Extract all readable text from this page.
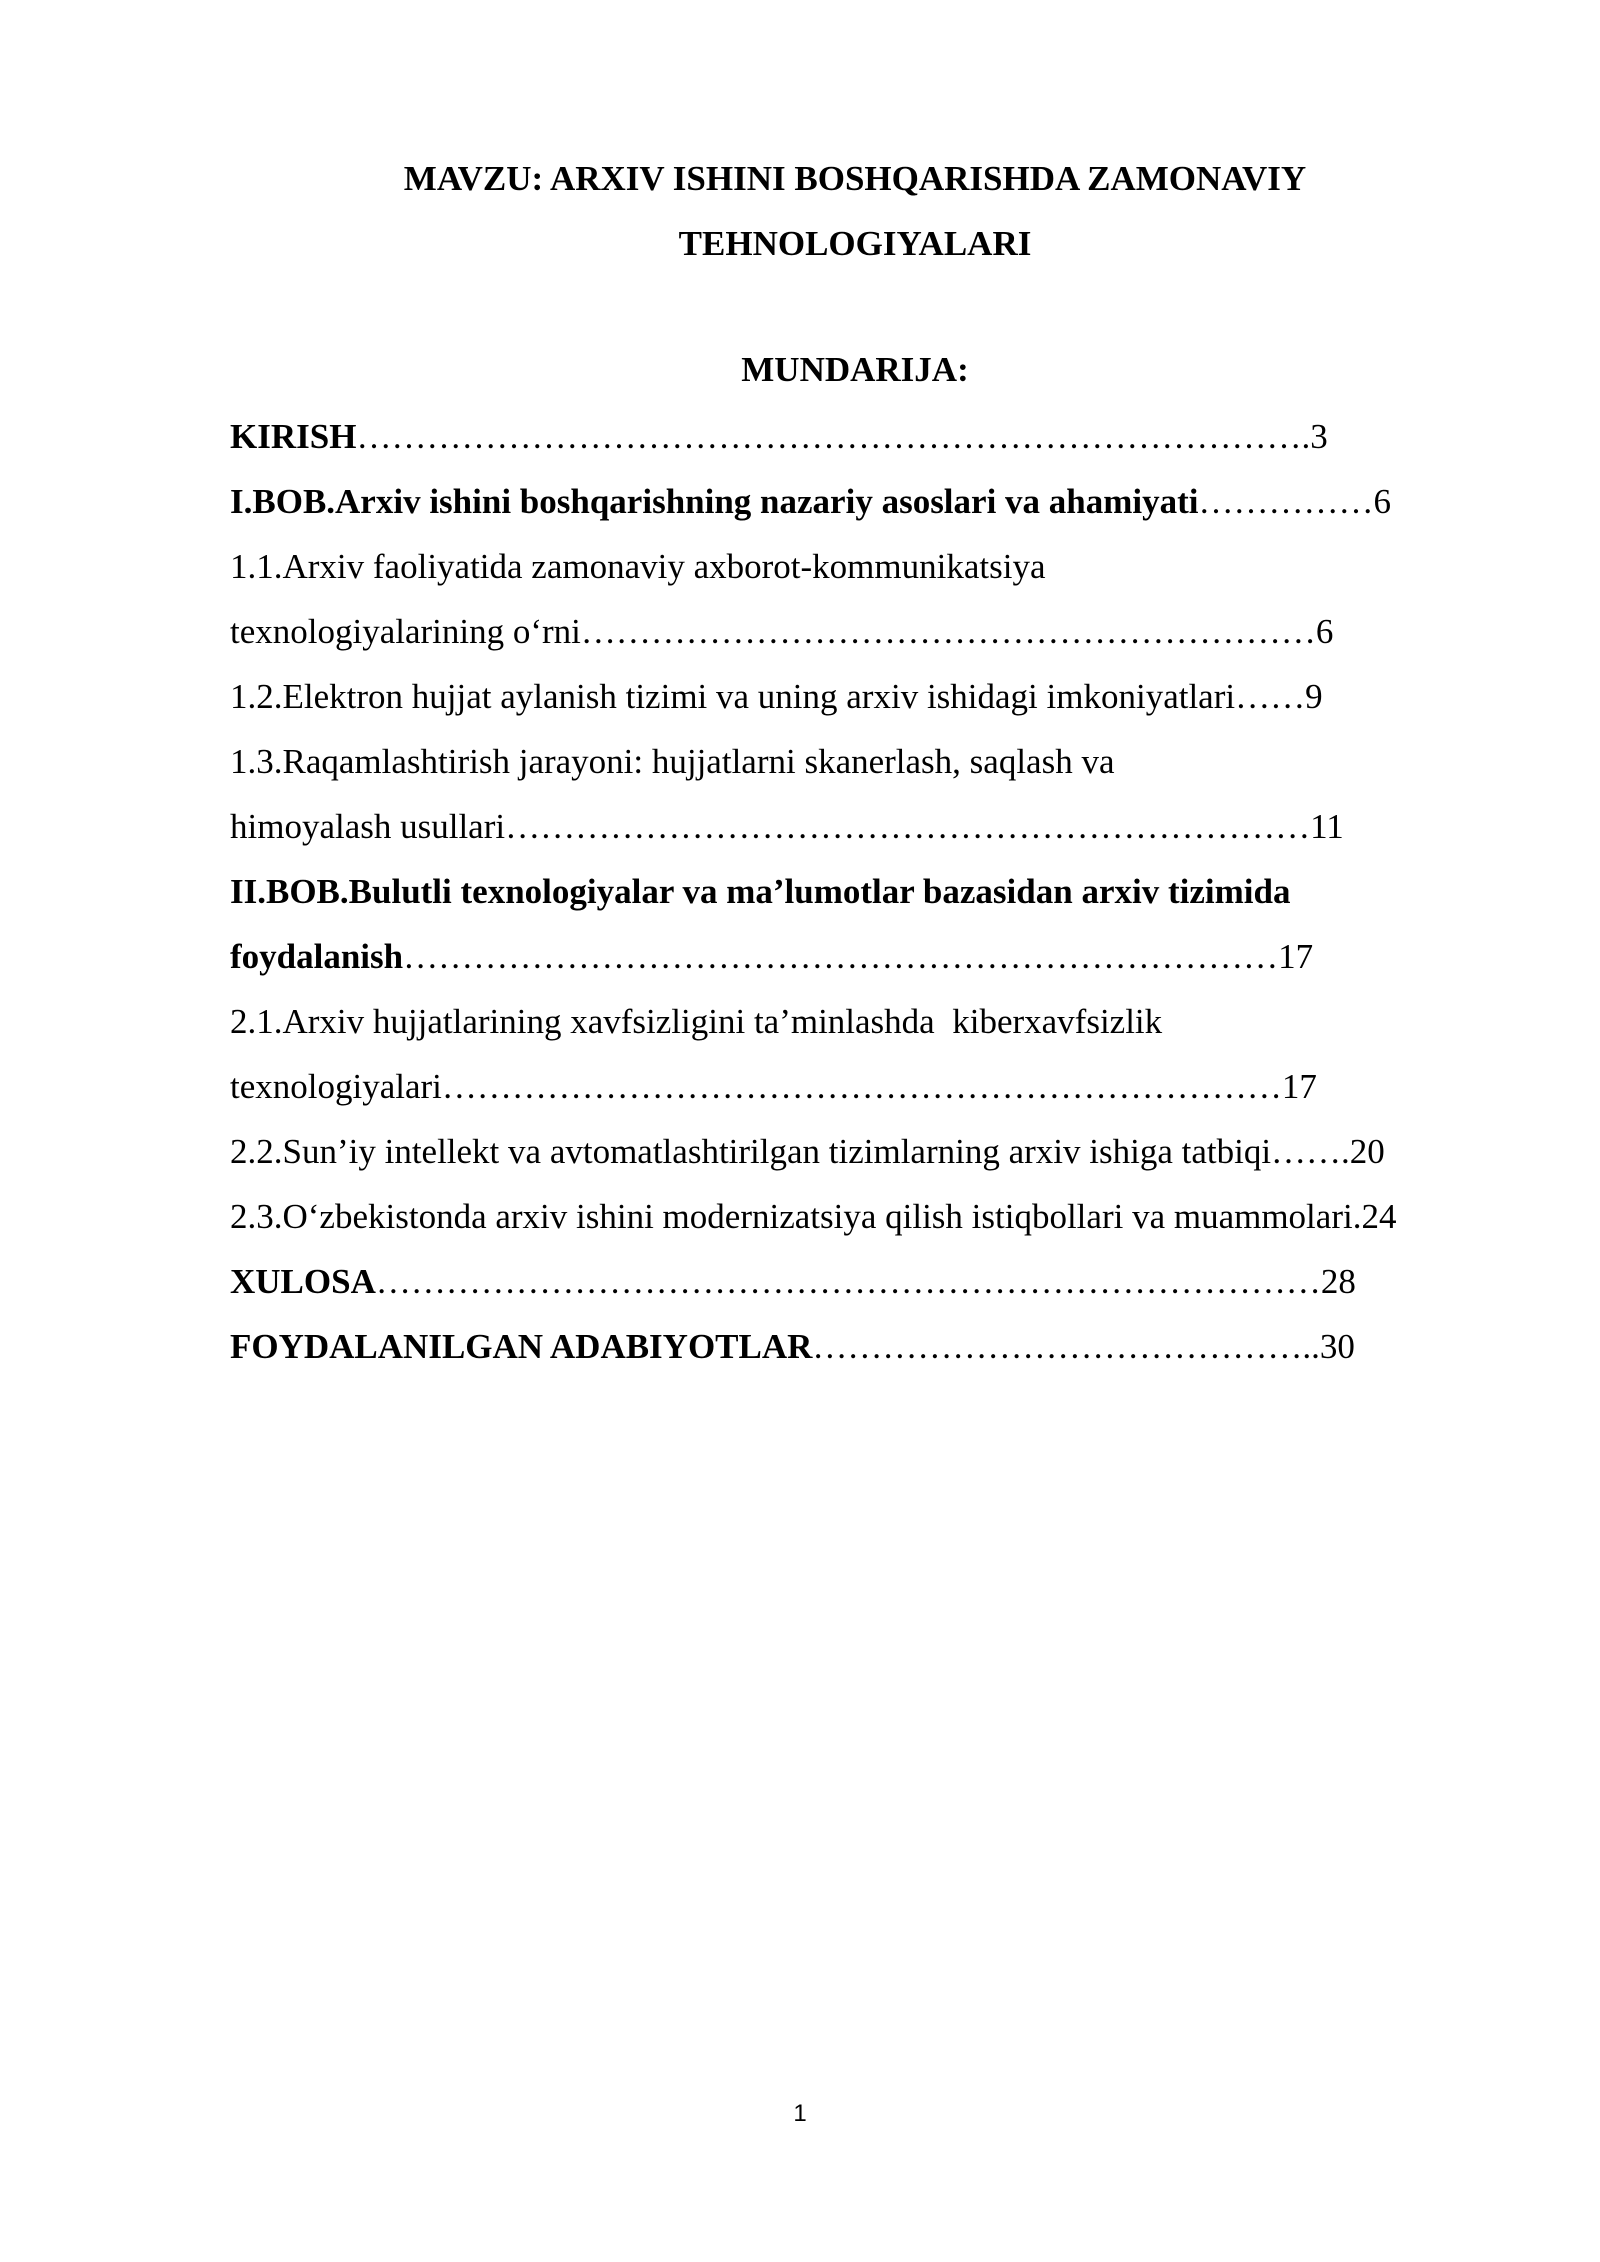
MAVZU: ARXIV ISHINI BOSHQARISHDA ZAMONAVIY
TEHNOLOGIYALARI
MUNDARIJA:
KIRISH……………………………………………………………………….3
I.BOB.Arxiv ishini boshqarishning nazariy asoslari va ahamiyati……………6
1.1.Arxiv faoliyatida zamonaviy axborot-kommunikatsiya
texnologiyalarining o‘rni………………………………………………………6
1.2.Elektron hujjat aylanish tizimi va uning arxiv ishidagi imkoniyatlari……9
1.3.Raqamlashtirish jarayoni: hujjatlarni skanerlash, saqlash va
himoyalash usullari……………………………………………………………11
II.BOB.Bulutli texnologiyalar va ma’lumotlar bazasidan arxiv tizimida
foydalanish…………………………………………………………………17
2.1.Arxiv hujjatlarining xavfsizligini ta’minlashda  kiberxavfsizlik
texnologiyalari………………………………………………………………17
2.2.Sun’iy intellekt va avtomatlashtirilgan tizimlarning arxiv ishiga tatbiqi…….20
2.3.O‘zbekistonda arxiv ishini modernizatsiya qilish istiqbollari va muammolari.24
XULOSA………………………………………………………………………28
FOYDALANILGAN ADABIYOTLAR……………………………………..30
1
